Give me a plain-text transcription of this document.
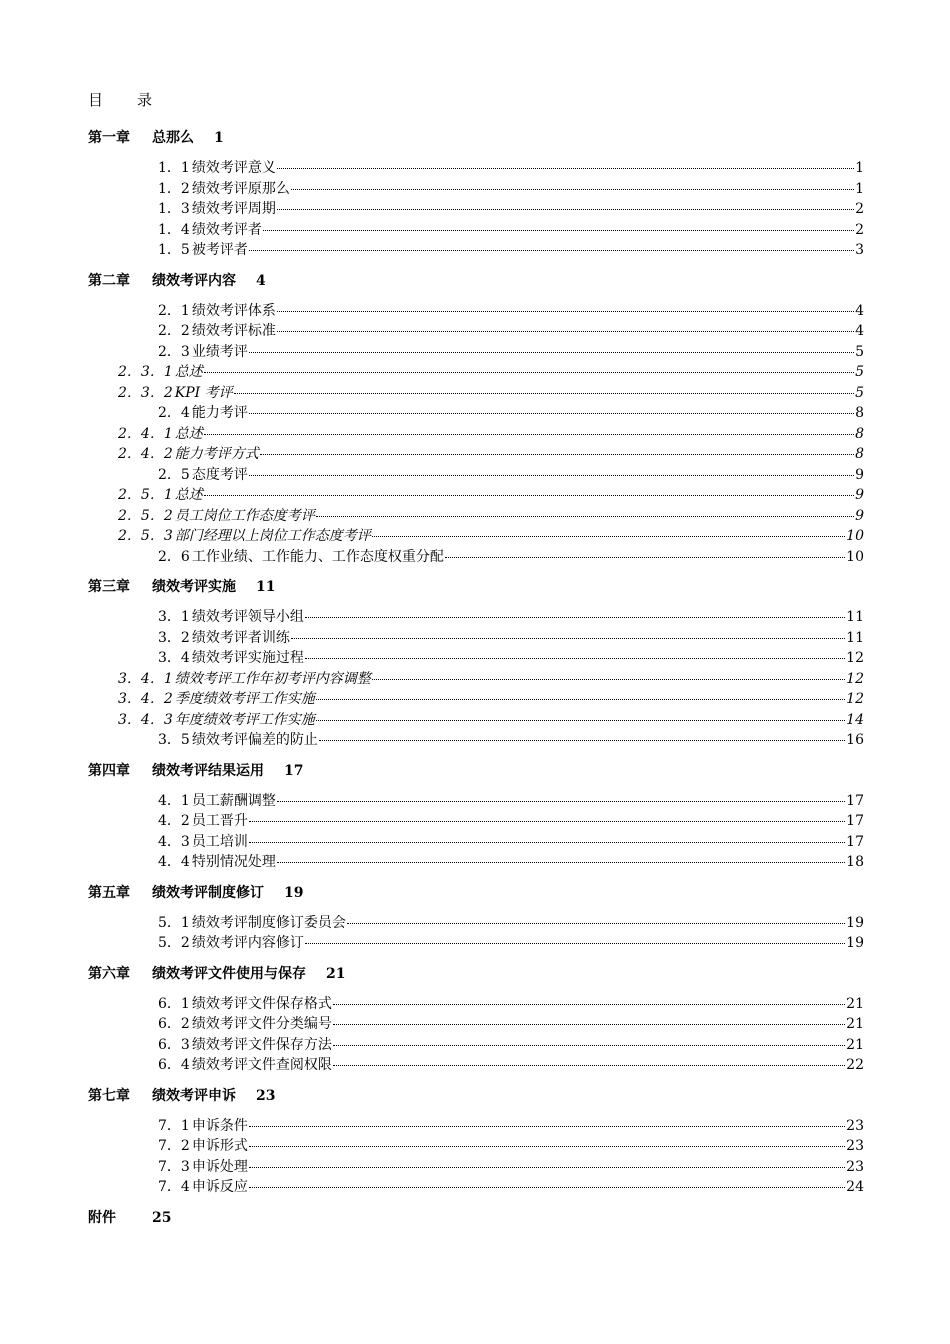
目 录
第一章 总那么 1
1．1 绩效考评意义	1
1．2 绩效考评原那么	1
1．3 绩效考评周期	2
1．4 绩效考评者	2
1．5 被考评者	3
第二章 绩效考评内容 4
2．1 绩效考评体系	4
2．2 绩效考评标准	4
2．3 业绩考评	5
2．3．1 总述	5
2．3．2 KPI 考评	5
2．4 能力考评	8
2．4．1 总述	8
2．4．2 能力考评方式	8
2．5 态度考评	9
2．5．1 总述	9
2．5．2 员工岗位工作态度考评	9
2．5．3 部门经理以上岗位工作态度考评	10
2．6 工作业绩、工作能力、工作态度权重分配	10
第三章 绩效考评实施 11
3．1 绩效考评领导小组	11
3．2 绩效考评者训练	11
3．4 绩效考评实施过程	12
3．4．1 绩效考评工作年初考评内容调整	12
3．4．2 季度绩效考评工作实施	12
3．4．3 年度绩效考评工作实施	14
3．5 绩效考评偏差的防止	16
第四章 绩效考评结果运用 17
4．1 员工薪酬调整	17
4．2 员工晋升	17
4．3 员工培训	17
4．4 特别情况处理	18
第五章 绩效考评制度修订 19
5．1 绩效考评制度修订委员会	19
5．2 绩效考评内容修订	19
第六章 绩效考评文件使用与保存 21
6．1 绩效考评文件保存格式	21
6．2 绩效考评文件分类编号	21
6．3 绩效考评文件保存方法	21
6．4 绩效考评文件查阅权限	22
第七章 绩效考评申诉 23
7．1 申诉条件	23
7．2 申诉形式	23
7．3 申诉处理	23
7．4 申诉反应	24
附件	25
